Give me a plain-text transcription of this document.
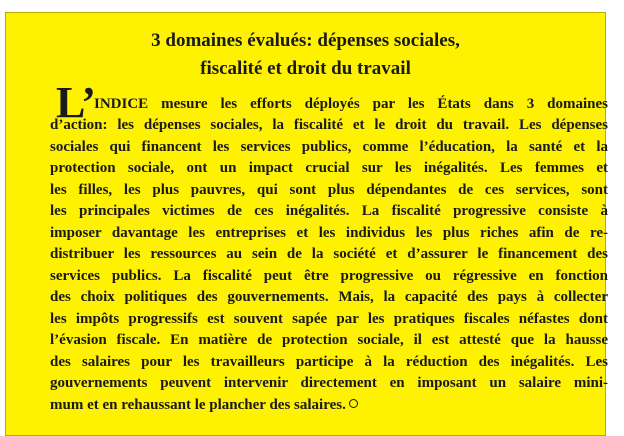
3 domaines évalués: dépenses sociales,
fiscalité et droit du travail
L’
INDICE mesure les efforts déployés par les États dans 3 domaines
d’action: les dépenses sociales, la fiscalité et le droit du travail. Les dépenses
sociales qui financent les services publics, comme l’éducation, la santé et la
protection sociale, ont un impact crucial sur les inégalités. Les femmes et
les filles, les plus pauvres, qui sont plus dépendantes de ces services, sont
les principales victimes de ces inégalités. La fiscalité progressive consiste à
imposer davantage les entreprises et les individus les plus riches afin de re-
distribuer les ressources au sein de la société et d’assurer le financement des
services publics. La fiscalité peut être progressive ou régressive en fonction
des choix politiques des gouvernements. Mais, la capacité des pays à collecter
les impôts progressifs est souvent sapée par les pratiques fiscales néfastes dont
l’évasion fiscale. En matière de protection sociale, il est attesté que la hausse
des salaires pour les travailleurs participe à la réduction des inégalités. Les
gouvernements peuvent intervenir directement en imposant un salaire mini-
mum et en rehaussant le plancher des salaires.
